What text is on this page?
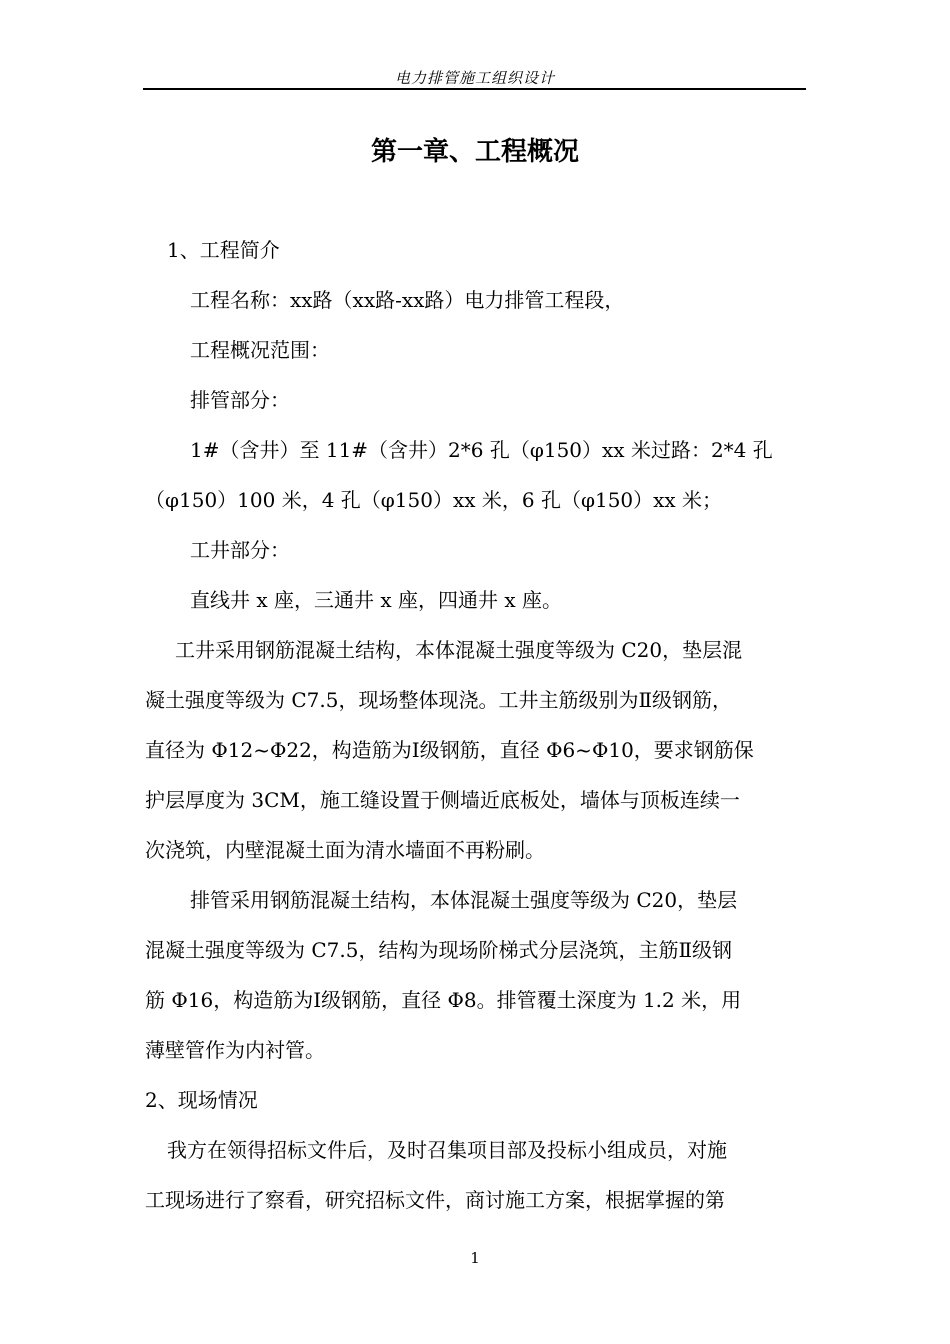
电力排管施工组织设计
第一章、工程概况
1、工程简介
工程名称：xx路（xx路-xx路）电力排管工程段，
工程概况范围：
排管部分：
1#（含井）至 11#（含井）2*6 孔（φ150）xx 米过路：2*4 孔
（φ150）100 米，4 孔（φ150）xx 米，6 孔（φ150）xx 米；
工井部分：
直线井 x 座，三通井 x 座，四通井 x 座。
工井采用钢筋混凝土结构，本体混凝土强度等级为 C20，垫层混
凝土强度等级为 C7.5，现场整体现浇。工井主筋级别为Ⅱ级钢筋，
直径为 Φ12~Φ22，构造筋为Ⅰ级钢筋，直径 Φ6~Φ10，要求钢筋保
护层厚度为 3CM，施工缝设置于侧墙近底板处，墙体与顶板连续一
次浇筑，内壁混凝土面为清水墙面不再粉刷。
排管采用钢筋混凝土结构，本体混凝土强度等级为 C20，垫层
混凝土强度等级为 C7.5，结构为现场阶梯式分层浇筑，主筋Ⅱ级钢
筋 Φ16，构造筋为Ⅰ级钢筋，直径 Φ8。排管覆土深度为 1.2 米，用
薄壁管作为内衬管。
2、现场情况
我方在领得招标文件后，及时召集项目部及投标小组成员，对施
工现场进行了察看，研究招标文件，商讨施工方案，根据掌握的第
1
